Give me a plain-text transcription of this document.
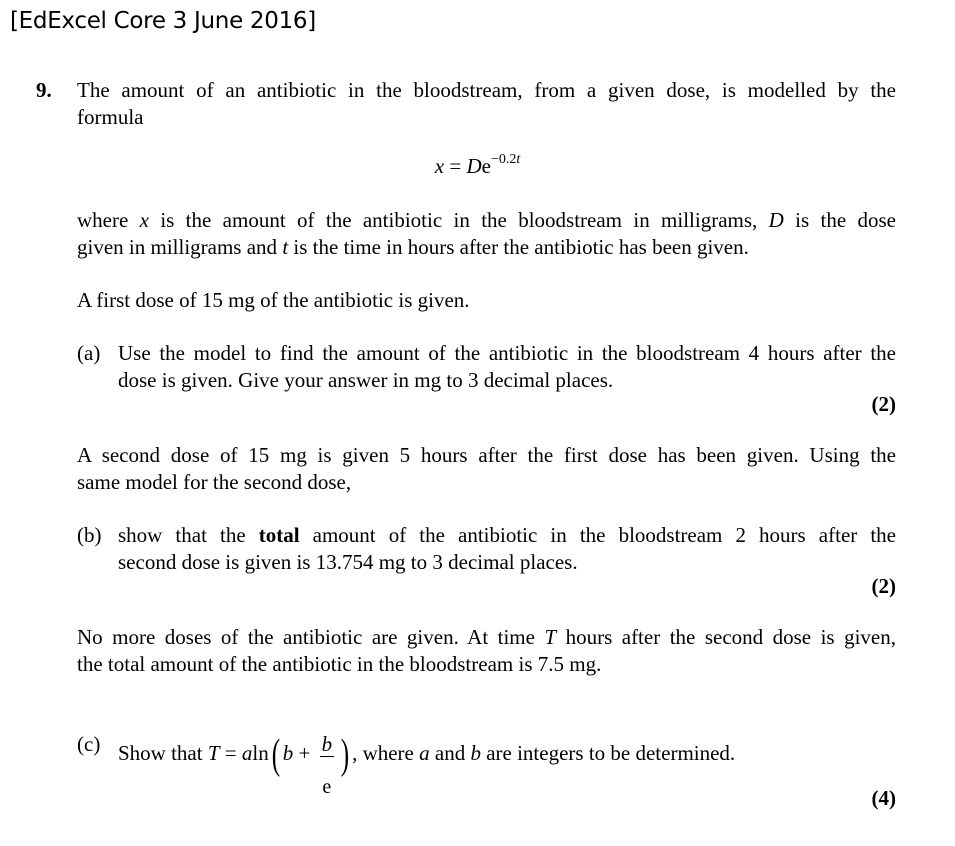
[EdExcel Core 3 June 2016]
9. The amount of an antibiotic in the bloodstream, from a given dose, is modelled by the
formula
$x = De^{-0.2t}$
where x is the amount of the antibiotic in the bloodstream in milligrams, D is the dose
given in milligrams and t is the time in hours after the antibiotic has been given.
A first dose of 15 mg of the antibiotic is given.
(a) Use the model to find the amount of the antibiotic in the bloodstream 4 hours after the
dose is given. Give your answer in mg to 3 decimal places.
(2)
A second dose of 15 mg is given 5 hours after the first dose has been given. Using the
same model for the second dose,
(b) show that the total amount of the antibiotic in the bloodstream 2 hours after the
second dose is given is 13.754 mg to 3 decimal places.
(2)
No more doses of the antibiotic are given. At time T hours after the second dose is given,
the total amount of the antibiotic in the bloodstream is 7.5 mg.
(c) Show that T = aln( $b + \frac{b}{e}$ ) , where a and b are integers to be determined.
(4)
